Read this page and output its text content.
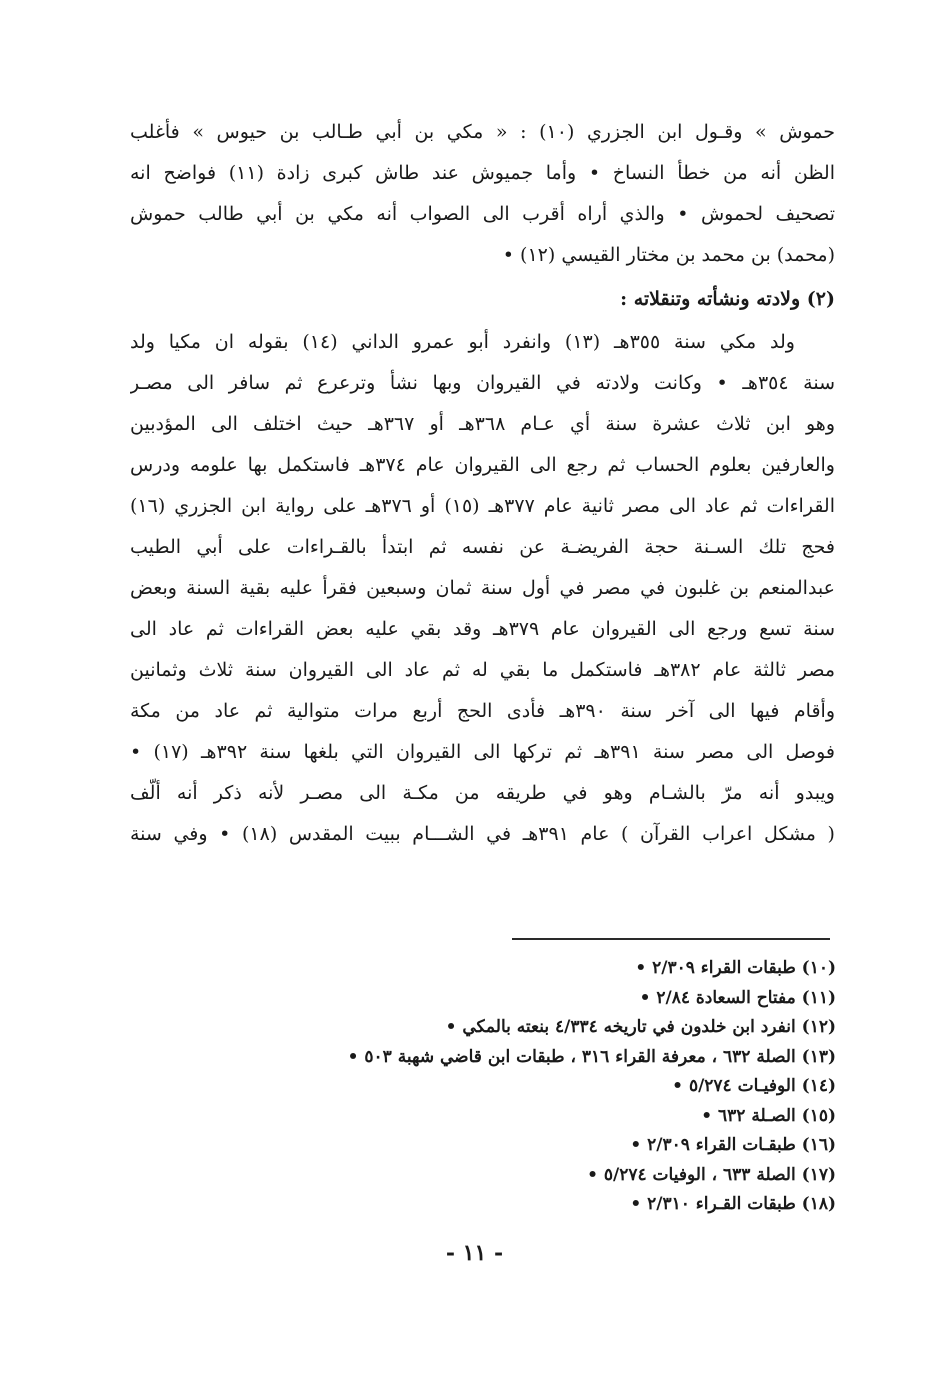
حموش » وقـول ابن الجزري (١٠) : « مكي بن أبي طـالب بن حيوس » فأغلب
الظن أنه من خطأ النساخ • وأما جميوش عند طاش كبرى زادة (١١) فواضح انه
تصحيف لحموش • والذي أراه أقرب الى الصواب أنه مكي بن أبي طالب حموش
(محمد) بن محمد بن مختار القيسي (١٢) •
(٢) ولادته ونشأته وتنقلاته :
ولد مكي سنة ٣٥٥هـ (١٣) وانفرد أبو عمرو الداني (١٤) بقوله ان مكيا ولد
سنة ٣٥٤هـ • وكانت ولادته في القيروان وبها نشأ وترعرع ثم سافر الى مصـر
وهو ابن ثلاث عشرة سنة أي عـام ٣٦٨هـ أو ٣٦٧هـ حيث اختلف الى المؤدبين
والعارفين بعلوم الحساب ثم رجع الى القيروان عام ٣٧٤هـ فاستكمل بها علومه ودرس
القراءات ثم عاد الى مصر ثانية عام ٣٧٧هـ (١٥) أو ٣٧٦هـ على رواية ابن الجزري (١٦)
فحج تلك السـنة حجة الفريضـة عن نفسه ثم ابتدأ بالقـراءات على أبي الطيب
عبدالمنعم بن غلبون في مصر في أول سنة ثمان وسبعين فقرأ عليه بقية السنة وبعض
سنة تسع ورجع الى القيروان عام ٣٧٩هـ وقد بقي عليه بعض القراءات ثم عاد الى
مصر ثالثة عام ٣٨٢هـ فاستكمل ما بقي له ثم عاد الى القيروان سنة ثلاث وثمانين
وأقام فيها الى آخر سنة ٣٩٠هـ فأدى الحج أربع مرات متوالية ثم عاد من مكة
فوصل الى مصر سنة ٣٩١هـ ثم تركها الى القيروان التي بلغها سنة ٣٩٢هـ (١٧) •
ويبدو أنه مرّ بالشـام وهو في طريقه من مكـة الى مصـر لأنه ذكر أنه ألّف
( مشكل اعراب القرآن ) عام ٣٩١هـ في الشـــام ببيت المقدس (١٨) • وفي سنة
(١٠) طبقات القراء ٢/٣٠٩ •
(١١) مفتاح السعادة ٢/٨٤ •
(١٢) انفرد ابن خلدون في تاريخه ٤/٣٣٤ بنعته بالمكي •
(١٣) الصلة ٦٣٢ ، معرفة القراء ٣١٦ ، طبقات ابن قاضي شهبة ٥٠٣ •
(١٤) الوفيـات ٥/٢٧٤ •
(١٥) الصـلة ٦٣٢ •
(١٦) طبقـات القراء ٢/٣٠٩ •
(١٧) الصلة ٦٣٣ ، الوفيات ٥/٢٧٤ •
(١٨) طبقات القـراء ٢/٣١٠ •
- ١١ -
